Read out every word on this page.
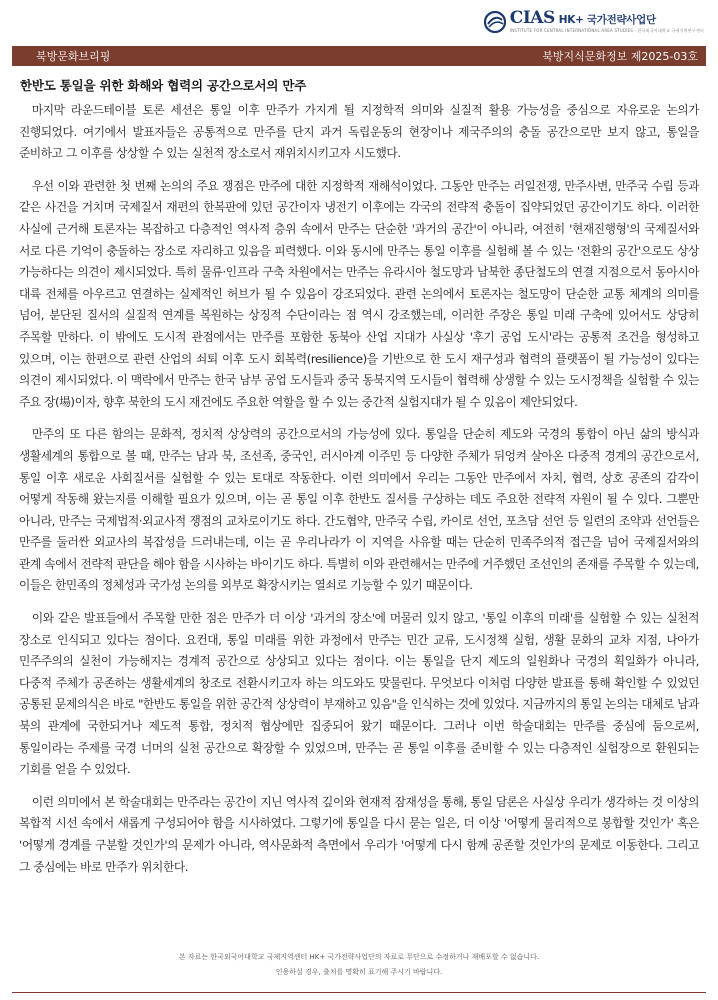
CIAS HK+ 국가전략사업단
INSTITUTE FOR CENTRAL INTERNATIONAL AREA STUDIES · 한국외국어대학교 국제지역연구센터
북방문화브리핑	북방지식문화정보 제2025-03호
한반도 통일을 위한 화해와 협력의 공간으로서의 만주

마지막 라운드테이블 토론 세션은 통일 이후 만주가 가지게 될 지정학적 의미와 실질적 활용 가능성을 중심으로 자유로운 논의가 진행되었다. 여기에서 발표자들은 공통적으로 만주를 단지 과거 독립운동의 현장이나 제국주의의 충돌 공간으로만 보지 않고, 통일을 준비하고 그 이후를 상상할 수 있는 실천적 장소로서 재위치시키고자 시도했다.

우선 이와 관련한 첫 번째 논의의 주요 쟁점은 만주에 대한 지정학적 재해석이었다. 그동안 만주는 러일전쟁, 만주사변, 만주국 수립 등과 같은 사건을 거치며 국제질서 재편의 한복판에 있던 공간이자 냉전기 이후에는 각국의 전략적 충돌이 집약되었던 공간이기도 하다. 이러한 사실에 근거해 토론자는 복잡하고 다층적인 역사적 층위 속에서 만주는 단순한 '과거의 공간'이 아니라, 여전히 '현재진행형'의 국제질서와 서로 다른 기억이 충돌하는 장소로 자리하고 있음을 피력했다. 이와 동시에 만주는 통일 이후를 실험해 볼 수 있는 '전환의 공간'으로도 상상 가능하다는 의견이 제시되었다. 특히 물류·인프라 구축 차원에서는 만주는 유라시아 철도망과 남북한 종단철도의 연결 지점으로서 동아시아 대륙 전체를 아우르고 연결하는 실제적인 허브가 될 수 있음이 강조되었다. 관련 논의에서 토론자는 철도망이 단순한 교통 체계의 의미를 넘어, 분단된 질서의 실질적 연계를 복원하는 상징적 수단이라는 점 역시 강조했는데, 이러한 주장은 통일 미래 구축에 있어서도 상당히 주목할 만하다. 이 밖에도 도시적 관점에서는 만주를 포함한 동북아 산업 지대가 사실상 '후기 공업 도시'라는 공통적 조건을 형성하고 있으며, 이는 한편으로 관련 산업의 쇠퇴 이후 도시 회복력(resilience)을 기반으로 한 도시 재구성과 협력의 플랫폼이 될 가능성이 있다는 의견이 제시되었다. 이 맥락에서 만주는 한국 남부 공업 도시들과 중국 동북지역 도시들이 협력해 상생할 수 있는 도시정책을 실험할 수 있는 주요 장(場)이자, 향후 북한의 도시 재건에도 주요한 역할을 할 수 있는 중간적 실험지대가 될 수 있음이 제안되었다.

만주의 또 다른 함의는 문화적, 정치적 상상력의 공간으로서의 가능성에 있다. 통일을 단순히 제도와 국경의 통합이 아닌 삶의 방식과 생활세계의 통합으로 볼 때, 만주는 남과 북, 조선족, 중국인, 러시아계 이주민 등 다양한 주체가 뒤엉켜 살아온 다중적 경계의 공간으로서, 통일 이후 새로운 사회질서를 실험할 수 있는 토대로 작동한다. 이런 의미에서 우리는 그동안 만주에서 자치, 협력, 상호 공존의 감각이 어떻게 작동해 왔는지를 이해할 필요가 있으며, 이는 곧 통일 이후 한반도 질서를 구상하는 데도 주요한 전략적 자원이 될 수 있다. 그뿐만 아니라, 만주는 국제법적·외교사적 쟁점의 교차로이기도 하다. 간도협약, 만주국 수립, 카이로 선언, 포츠담 선언 등 일련의 조약과 선언들은 만주를 둘러싼 외교사의 복잡성을 드러내는데, 이는 곧 우리나라가 이 지역을 사유할 때는 단순히 민족주의적 접근을 넘어 국제질서와의 관계 속에서 전략적 판단을 해야 함을 시사하는 바이기도 하다. 특별히 이와 관련해서는 만주에 거주했던 조선인의 존재를 주목할 수 있는데, 이들은 한민족의 정체성과 국가성 논의를 외부로 확장시키는 열쇠로 기능할 수 있기 때문이다.

이와 같은 발표들에서 주목할 만한 점은 만주가 더 이상 '과거의 장소'에 머물러 있지 않고, '통일 이후의 미래'를 실험할 수 있는 실천적 장소로 인식되고 있다는 점이다. 요컨대, 통일 미래를 위한 과정에서 만주는 민간 교류, 도시정책 실험, 생활 문화의 교차 지점, 나아가 민주주의의 실천이 가능해지는 경계적 공간으로 상상되고 있다는 점이다. 이는 통일을 단지 제도의 일원화나 국경의 획일화가 아니라, 다중적 주체가 공존하는 생활세계의 창조로 전환시키고자 하는 의도와도 맞물린다. 무엇보다 이처럼 다양한 발표를 통해 확인할 수 있었던 공통된 문제의식은 바로 "한반도 통일을 위한 공간적 상상력이 부재하고 있음"을 인식하는 것에 있었다. 지금까지의 통일 논의는 대체로 남과 북의 관계에 국한되거나 제도적 통합, 정치적 협상에만 집중되어 왔기 때문이다. 그러나 이번 학술대회는 만주를 중심에 둠으로써, 통일이라는 주제를 국경 너머의 실천 공간으로 확장할 수 있었으며, 만주는 곧 통일 이후를 준비할 수 있는 다층적인 실험장으로 환원되는 기회를 얻을 수 있었다.

이런 의미에서 본 학술대회는 만주라는 공간이 지닌 역사적 깊이와 현재적 잠재성을 통해, 통일 담론은 사실상 우리가 생각하는 것 이상의 복합적 시선 속에서 새롭게 구성되어야 함을 시사하였다. 그렇기에 통일을 다시 묻는 일은, 더 이상 '어떻게 물리적으로 봉합할 것인가' 혹은 '어떻게 경계를 구분할 것인가'의 문제가 아니라, 역사문화적 측면에서 우리가 '어떻게 다시 함께 공존할 것인가'의 문제로 이동한다. 그리고 그 중심에는 바로 만주가 위치한다.

본 자료는 한국외국어대학교 국제지역센터 HK+ 국가전략사업단의 자료로 무단으로 수정하거나 재배포할 수 없습니다.
인용하실 경우, 출처를 명확히 표기해 주시기 바랍니다.
